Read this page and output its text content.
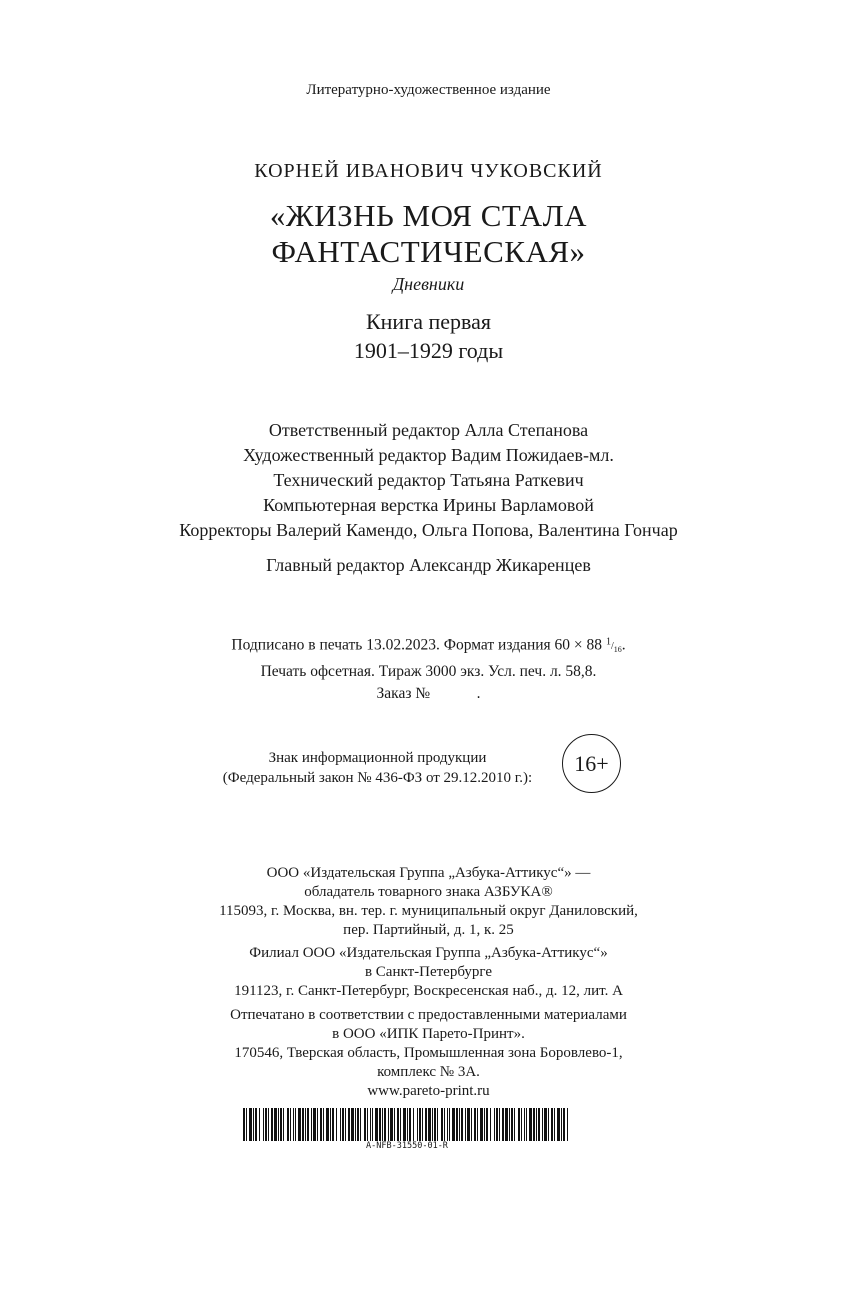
Литературно-художественное издание
КОРНЕЙ ИВАНОВИЧ ЧУКОВСКИЙ
«ЖИЗНЬ МОЯ СТАЛА
ФАНТАСТИЧЕСКАЯ»
Дневники
Книга первая
1901–1929 годы
Ответственный редактор Алла Степанова
Художественный редактор Вадим Пожидаев-мл.
Технический редактор Татьяна Раткевич
Компьютерная верстка Ирины Варламовой
Корректоры Валерий Камендо, Ольга Попова, Валентина Гончар
Главный редактор Александр Жикаренцев
Подписано в печать 13.02.2023. Формат издания 60 × 88 $^1/_{16}$.
Печать офсетная. Тираж 3000 экз. Усл. печ. л. 58,8.
Заказ №            .
Знак информационной продукции
(Федеральный закон № 436-ФЗ от 29.12.2010 г.):
16+
ООО «Издательская Группа „Азбука-Аттикус“» —
обладатель товарного знака АЗБУКА®
115093, г. Москва, вн. тер. г. муниципальный округ Даниловский,
пер. Партийный, д. 1, к. 25
Филиал ООО «Издательская Группа „Азбука-Аттикус“»
в Санкт-Петербурге
191123, г. Санкт-Петербург, Воскресенская наб., д. 12, лит. А
Отпечатано в соответствии с предоставленными материалами
в ООО «ИПК Парето-Принт».
170546, Тверская область, Промышленная зона Боровлево-1,
комплекс № 3А.
www.pareto-print.ru
A-NFB-31550-01-R
